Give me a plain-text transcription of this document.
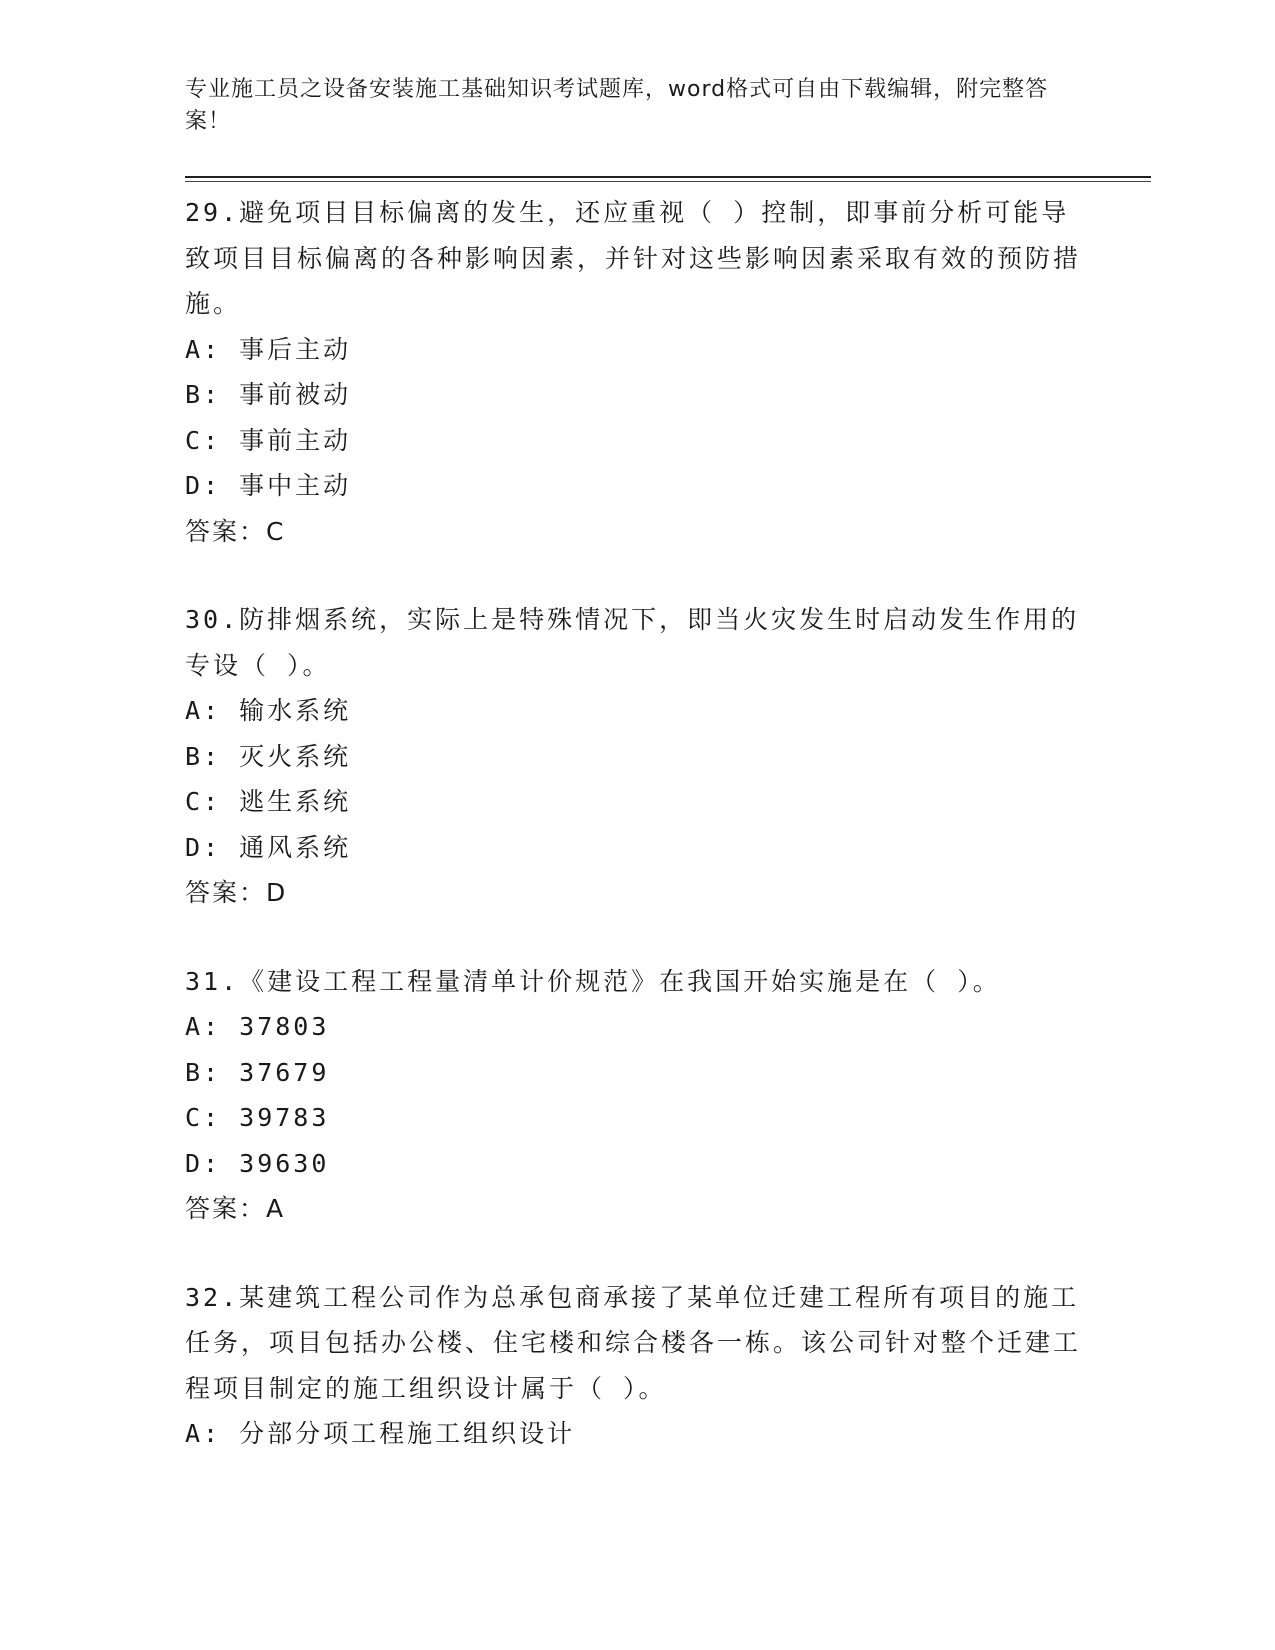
专业施工员之设备安装施工基础知识考试题库，word格式可自由下载编辑，附完整答案！

29.避免项目目标偏离的发生，还应重视（ ）控制，即事前分析可能导致项目目标偏离的各种影响因素，并针对这些影响因素采取有效的预防措施。

A: 事后主动

B: 事前被动

C: 事前主动

D: 事中主动

答案：C

30.防排烟系统，实际上是特殊情况下，即当火灾发生时启动发生作用的专设（ ）。

A: 输水系统

B: 灭火系统

C: 逃生系统

D: 通风系统

答案：D

31.《建设工程工程量清单计价规范》在我国开始实施是在（ ）。

A: 37803

B: 37679

C: 39783

D: 39630

答案：A

32.某建筑工程公司作为总承包商承接了某单位迁建工程所有项目的施工任务，项目包括办公楼、住宅楼和综合楼各一栋。该公司针对整个迁建工程项目制定的施工组织设计属于（ ）。

A: 分部分项工程施工组织设计
